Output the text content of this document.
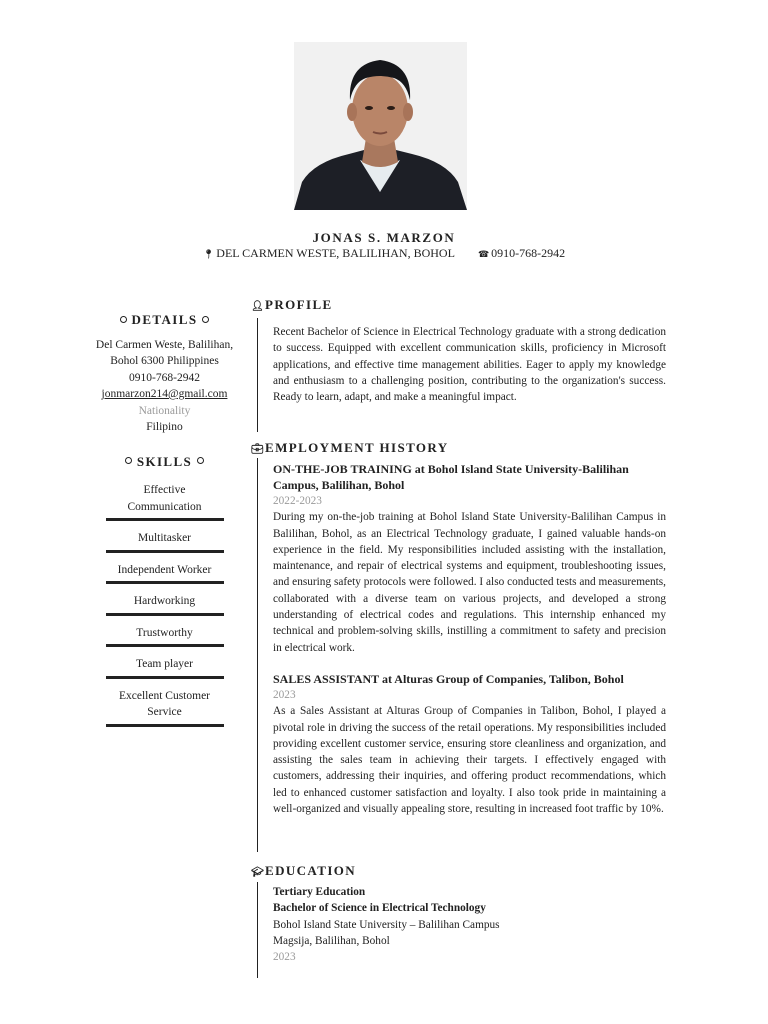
JONAS S. MARZON
📍︎ DEL CARMEN WESTE, BALILIHAN, BOHOL	☎︎ 0910-768-2942
DETAILS

Del Carmen Weste, Balilihan,

Bohol 6300 Philippines

0910-768-2942

jonmarzon214@gmail.com

Nationality

Filipino

SKILLS
Effective
Communication
Multitasker
Independent Worker
Hardworking
Trustworthy
Team player
Excellent Customer
Service
👤︎PROFILE

Recent Bachelor of Science in Electrical Technology graduate with a strong dedication to success. Equipped with excellent communication skills, proficiency in Microsoft applications, and effective time management abilities. Eager to apply my knowledge and enthusiasm to a challenging position, contributing to the organization's success. Ready to learn, adapt, and make a meaningful impact.

💼︎EMPLOYMENT HISTORY

ON-THE-JOB TRAINING at Bohol Island State University-Balilihan Campus, Balilihan, Bohol

2022-2023

During my on-the-job training at Bohol Island State University-Balilihan Campus in Balilihan, Bohol, as an Electrical Technology graduate, I gained valuable hands-on experience in the field. My responsibilities included assisting with the installation, maintenance, and repair of electrical systems and equipment, troubleshooting issues, and ensuring safety protocols were followed. I also conducted tests and measurements, collaborated with a diverse team on various projects, and developed a strong understanding of electrical codes and regulations. This internship enhanced my technical and problem-solving skills, instilling a commitment to safety and precision in electrical work.

SALES ASSISTANT at Alturas Group of Companies, Talibon, Bohol

2023

As a Sales Assistant at Alturas Group of Companies in Talibon, Bohol, I played a pivotal role in driving the success of the retail operations. My responsibilities included providing excellent customer service, ensuring store cleanliness and organization, and assisting the sales team in achieving their targets. I effectively engaged with customers, addressing their inquiries, and offering product recommendations, which led to enhanced customer satisfaction and loyalty. I also took pride in maintaining a well-organized and visually appealing store, resulting in increased foot traffic by 10%.

🎓︎EDUCATION

Tertiary Education

Bachelor of Science in Electrical Technology

Bohol Island State University – Balilihan Campus

Magsija, Balilihan, Bohol

2023
